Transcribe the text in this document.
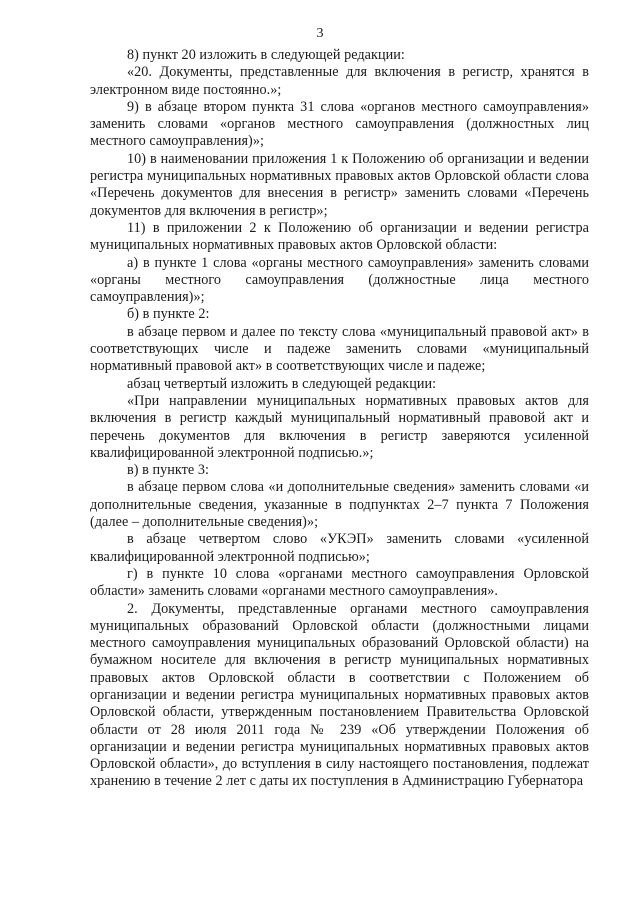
3

8) пункт 20 изложить в следующей редакции:

«20. Документы, представленные для включения в регистр, хранятся в электронном виде постоянно.»;

9) в абзаце втором пункта 31 слова «органов местного самоуправления» заменить словами «органов местного самоуправления (должностных лиц местного самоуправления)»;

10) в наименовании приложения 1 к Положению об организации и ведении регистра муниципальных нормативных правовых актов Орловской области слова «Перечень документов для внесения в регистр» заменить словами «Перечень документов для включения в регистр»;

11) в приложении 2 к Положению об организации и ведении регистра муниципальных нормативных правовых актов Орловской области:

а) в пункте 1 слова «органы местного самоуправления» заменить словами «органы местного самоуправления (должностные лица местного самоуправления)»;

б) в пункте 2:

в абзаце первом и далее по тексту слова «муниципальный правовой акт» в соответствующих числе и падеже заменить словами «муниципальный нормативный правовой акт» в соответствующих числе и падеже;

абзац четвертый изложить в следующей редакции:

«При направлении муниципальных нормативных правовых актов для включения в регистр каждый муниципальный нормативный правовой акт и перечень документов для включения в регистр заверяются усиленной квалифицированной электронной подписью.»;

в) в пункте 3:

в абзаце первом слова «и дополнительные сведения» заменить словами «и дополнительные сведения, указанные в подпунктах 2–7 пункта 7 Положения (далее – дополнительные сведения)»;

в абзаце четвертом слово «УКЭП» заменить словами «усиленной квалифицированной электронной подписью»;

г) в пункте 10 слова «органами местного самоуправления Орловской области» заменить словами «органами местного самоуправления».

2. Документы, представленные органами местного самоуправления муниципальных образований Орловской области (должностными лицами местного самоуправления муниципальных образований Орловской области) на бумажном носителе для включения в регистр муниципальных нормативных правовых актов Орловской области в соответствии с Положением об организации и ведении регистра муниципальных нормативных правовых актов Орловской области, утвержденным постановлением Правительства Орловской области от 28 июля 2011 года № 239 «Об утверждении Положения об организации и ведении регистра муниципальных нормативных правовых актов Орловской области», до вступления в силу настоящего постановления, подлежат хранению в течение 2 лет с даты их поступления в Администрацию Губернатора
